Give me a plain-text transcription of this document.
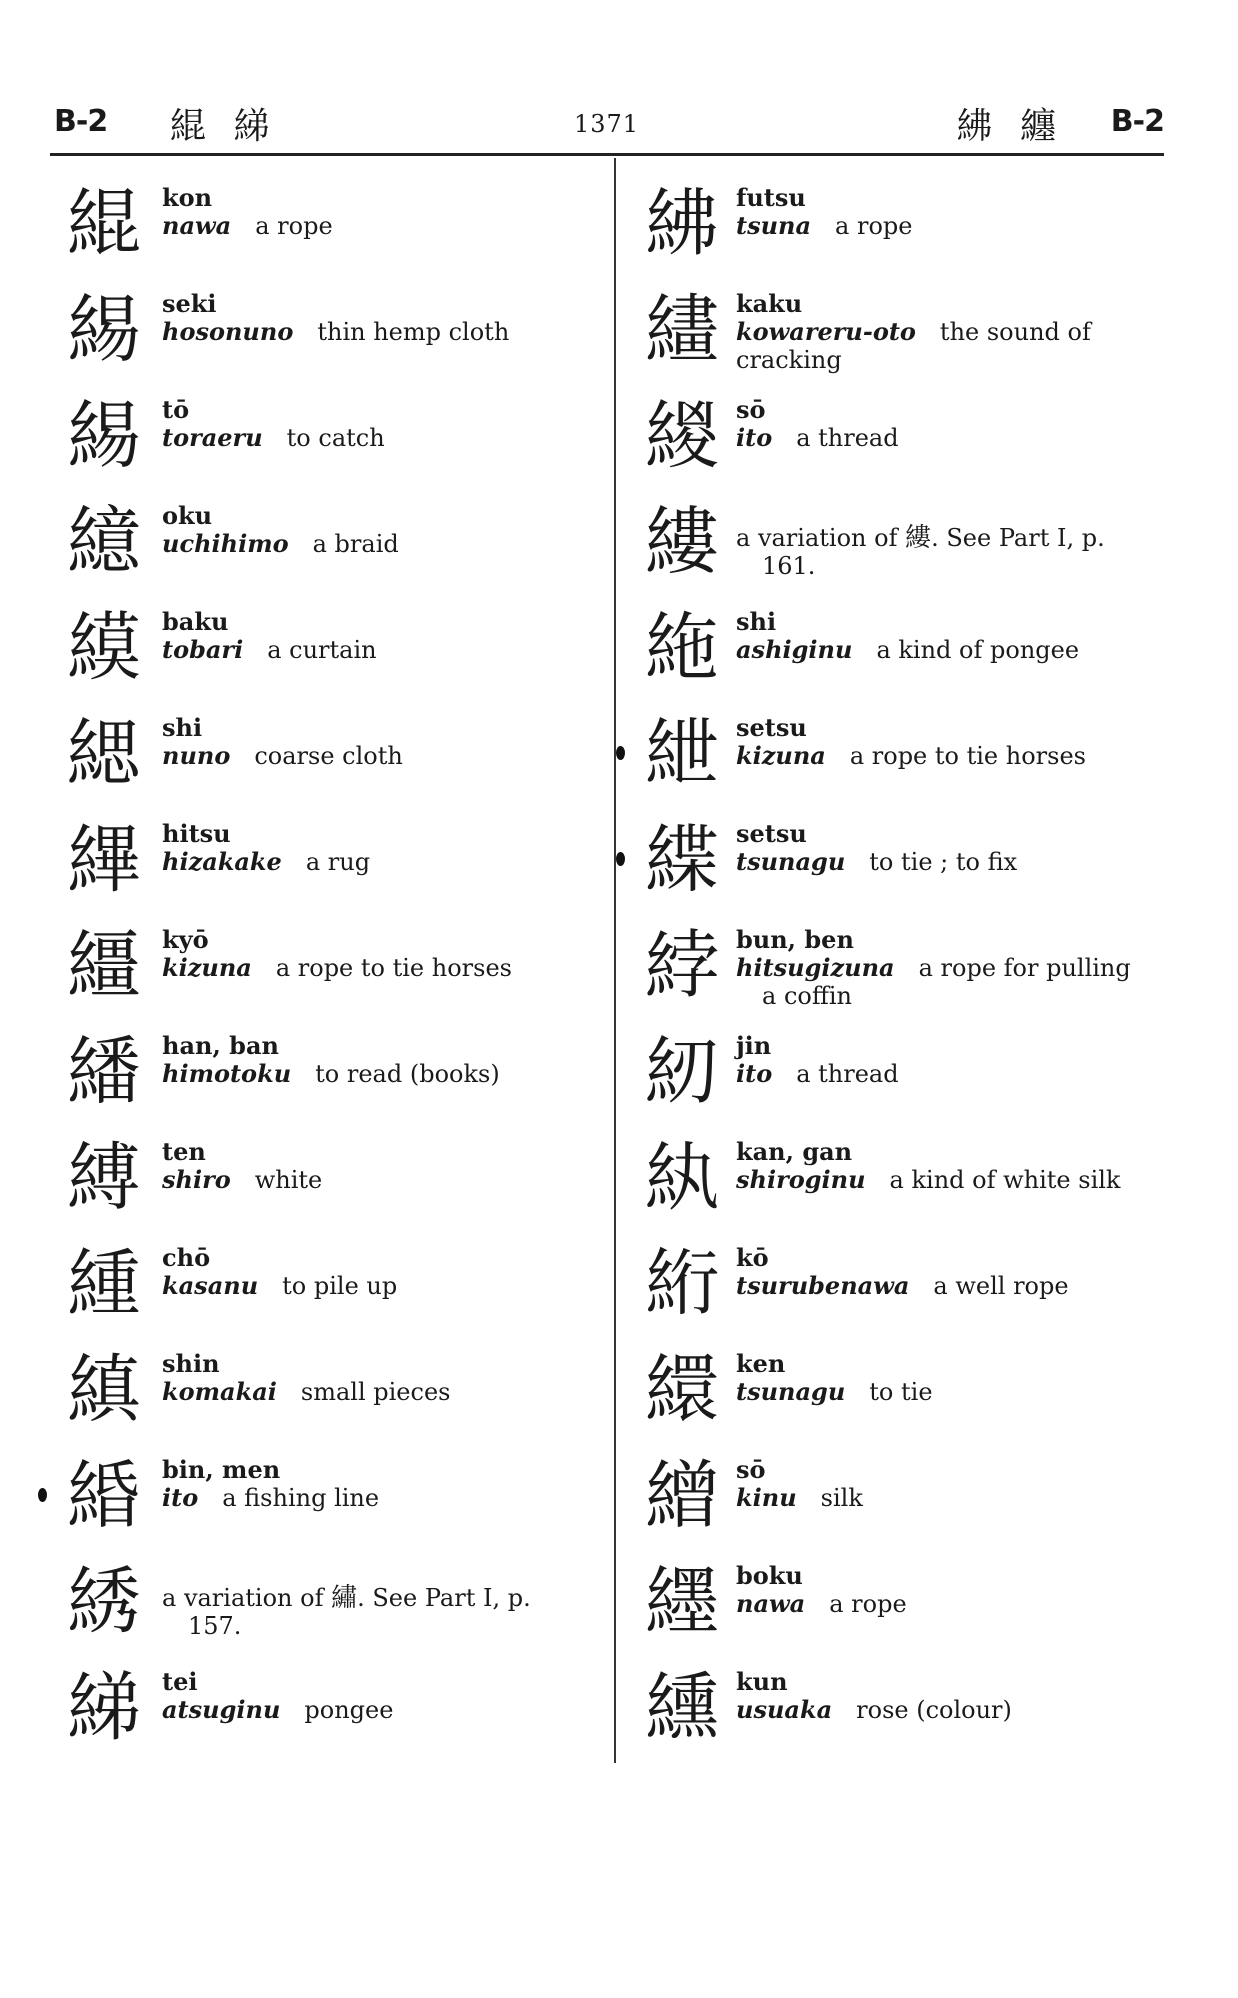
B-2 緄 綈	1371	紼 纏 B-2
緄 kon
nawa a rope
緆 seki
hosonuno thin hemp cloth
緆 tō
toraeru to catch
繶 oku
uchihimo a braid
縸 baku
tobari a curtain
緦 shi
nuno coarse cloth
縪 hitsu
hizakake a rug
繮 kyō
kizuna a rope to tie horses
繙 han, ban
himotoku to read (books)
縛 ten
shiro white
緟 chō
kasanu to pile up
縝 shin
komakai small pieces
緍 bin, men
ito a fishing line
綉 a variation of 繡. See Part I, p.
157.
綈 tei
atsuginu pongee
紼 futsu
tsuna a rope
繣 kaku
kowareru-oto the sound of
cracking
緵 sō
ito a thread
縷 a variation of 縷. See Part I, p.
161.
絁 shi
ashiginu a kind of pongee
紲 setsu
kizuna a rope to tie horses
緤 setsu
tsunagu to tie ; to fix
綍 bun, ben
hitsugizuna a rope for pulling
a coffin
紉 jin
ito a thread
紈 kan, gan
shiroginu a kind of white silk
絎 kō
tsurubenawa a well rope
繯 ken
tsunagu to tie
繒 sō
kinu silk
纆 boku
nawa a rope
纁 kun
usuaka rose (colour)
